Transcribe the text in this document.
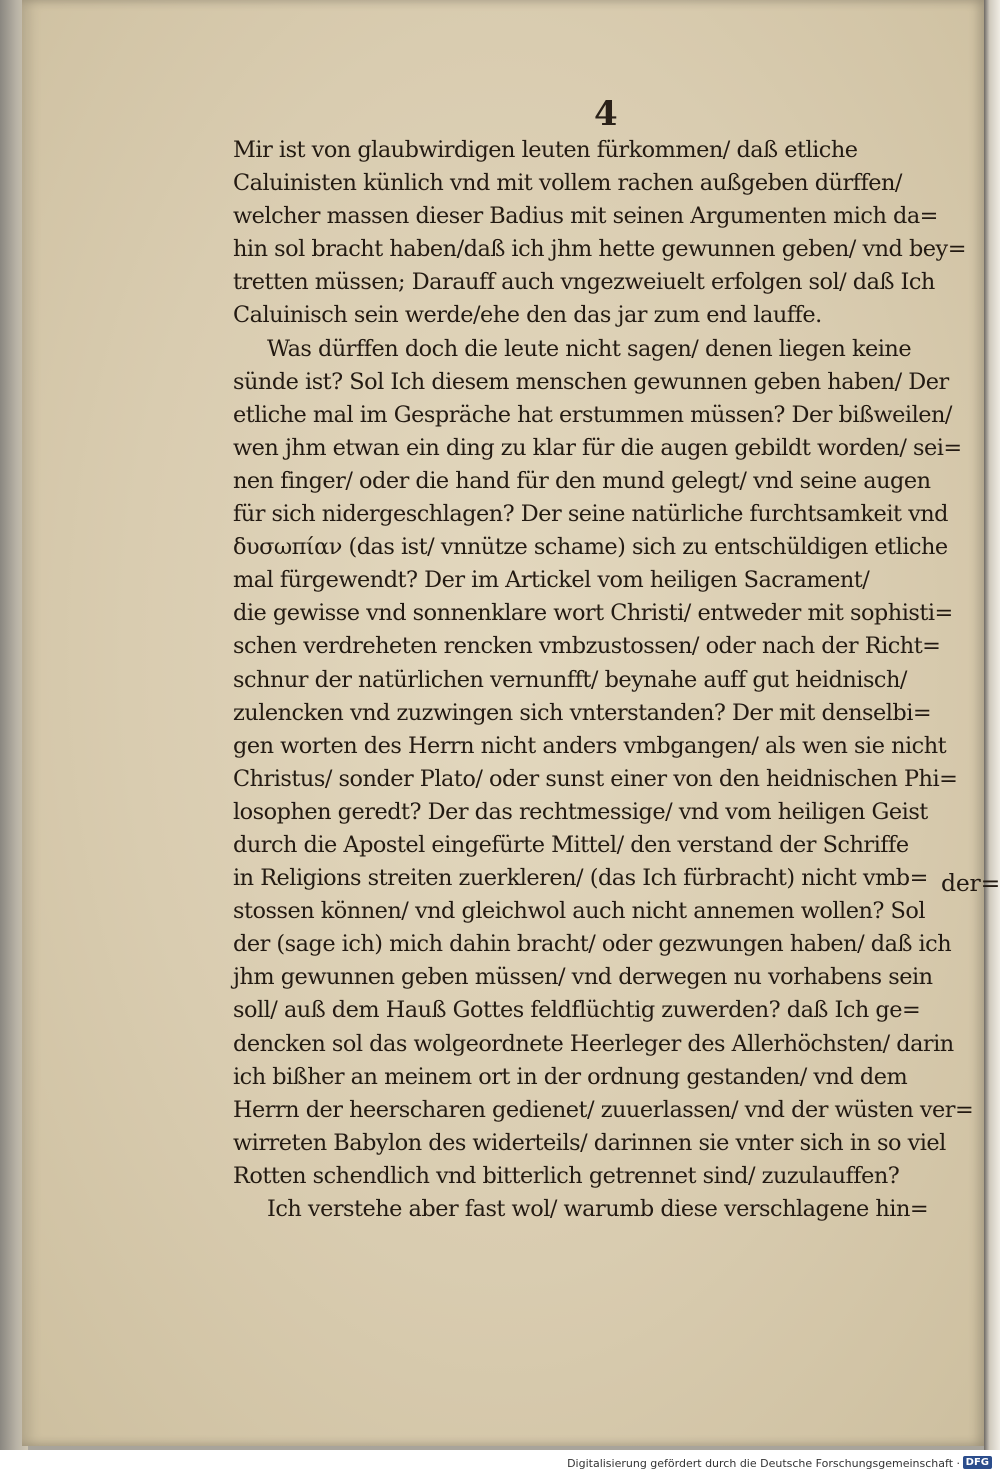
4
Mir ist von glaubwirdigen leuten fürkommen/ daß etliche
Caluinisten künlich vnd mit vollem rachen außgeben dürffen/
welcher massen dieser Badius mit seinen Argumenten mich da=
hin sol bracht haben/daß ich jhm hette gewunnen geben/ vnd bey=
tretten müssen; Darauff auch vngezweiuelt erfolgen sol/ daß Ich
Caluinisch sein werde/ehe den das jar zum end lauffe.
Was dürffen doch die leute nicht sagen/ denen liegen keine
sünde ist? Sol Ich diesem menschen gewunnen geben haben/ Der
etliche mal im Gespräche hat erstummen müssen? Der bißweilen/
wen jhm etwan ein ding zu klar für die augen gebildt worden/ sei=
nen finger/ oder die hand für den mund gelegt/ vnd seine augen
für sich nidergeschlagen? Der seine natürliche furchtsamkeit vnd
δυσωπίαν (das ist/ vnnütze schame) sich zu entschüldigen etliche
mal fürgewendt? Der im Artickel vom heiligen Sacrament/
die gewisse vnd sonnenklare wort Christi/ entweder mit sophisti=
schen verdreheten rencken vmbzustossen/ oder nach der Richt=
schnur der natürlichen vernunfft/ beynahe auff gut heidnisch/
zulencken vnd zuzwingen sich vnterstanden? Der mit denselbi=
gen worten des Herrn nicht anders vmbgangen/ als wen sie nicht
Christus/ sonder Plato/ oder sunst einer von den heidnischen Phi=
losophen geredt? Der das rechtmessige/ vnd vom heiligen Geist
durch die Apostel eingefürte Mittel/ den verstand der Schriffe
in Religions streiten zuerkleren/ (das Ich fürbracht) nicht vmb=
stossen können/ vnd gleichwol auch nicht annemen wollen? Sol
der (sage ich) mich dahin bracht/ oder gezwungen haben/ daß ich
jhm gewunnen geben müssen/ vnd derwegen nu vorhabens sein
soll/ auß dem Hauß Gottes feldflüchtig zuwerden? daß Ich ge=
dencken sol das wolgeordnete Heerleger des Allerhöchsten/ darin
ich bißher an meinem ort in der ordnung gestanden/ vnd dem
Herrn der heerscharen gedienet/ zuuerlassen/ vnd der wüsten ver=
wirreten Babylon des widerteils/ darinnen sie vnter sich in so viel
Rotten schendlich vnd bitterlich getrennet sind/ zuzulauffen?
Ich verstehe aber fast wol/ warumb diese verschlagene hin=
der=
Digitalisierung gefördert durch die Deutsche Forschungsgemeinschaft · DFG
